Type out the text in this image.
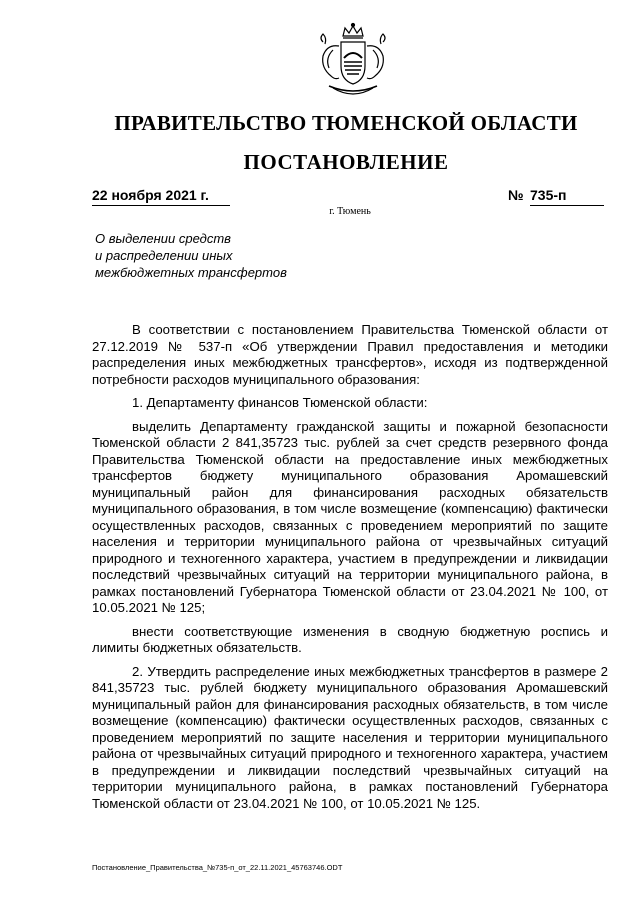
ПРАВИТЕЛЬСТВО ТЮМЕНСКОЙ ОБЛАСТИ
ПОСТАНОВЛЕНИЕ
22 ноября 2021 г.	№ 735-п
г. Тюмень
О выделении средств
и распределении иных
межбюджетных трансфертов

В соответствии с постановлением Правительства Тюменской области от 27.12.2019 № 537-п «Об утверждении Правил предоставления и методики распределения иных межбюджетных трансфертов», исходя из подтвержденной потребности расходов муниципального образования:

1. Департаменту финансов Тюменской области:

выделить Департаменту гражданской защиты и пожарной безопасности Тюменской области 2 841,35723 тыс. рублей за счет средств резервного фонда Правительства Тюменской области на предоставление иных межбюджетных трансфертов бюджету муниципального образования Аромашевский муниципальный район для финансирования расходных обязательств муниципального образования, в том числе возмещение (компенсацию) фактически осуществленных расходов, связанных с проведением мероприятий по защите населения и территории муниципального района от чрезвычайных ситуаций природного и техногенного характера, участием в предупреждении и ликвидации последствий чрезвычайных ситуаций на территории муниципального района, в рамках постановлений Губернатора Тюменской области от 23.04.2021 № 100, от 10.05.2021 № 125;

внести соответствующие изменения в сводную бюджетную роспись и лимиты бюджетных обязательств.

2. Утвердить распределение иных межбюджетных трансфертов в размере 2 841,35723 тыс. рублей бюджету муниципального образования Аромашевский муниципальный район для финансирования расходных обязательств, в том числе возмещение (компенсацию) фактически осуществленных расходов, связанных с проведением мероприятий по защите населения и территории муниципального района от чрезвычайных ситуаций природного и техногенного характера, участием в предупреждении и ликвидации последствий чрезвычайных ситуаций на территории муниципального района, в рамках постановлений Губернатора Тюменской области от 23.04.2021 № 100, от 10.05.2021 № 125.

Постановление_Правительства_№735-п_от_22.11.2021_45763746.ODT
